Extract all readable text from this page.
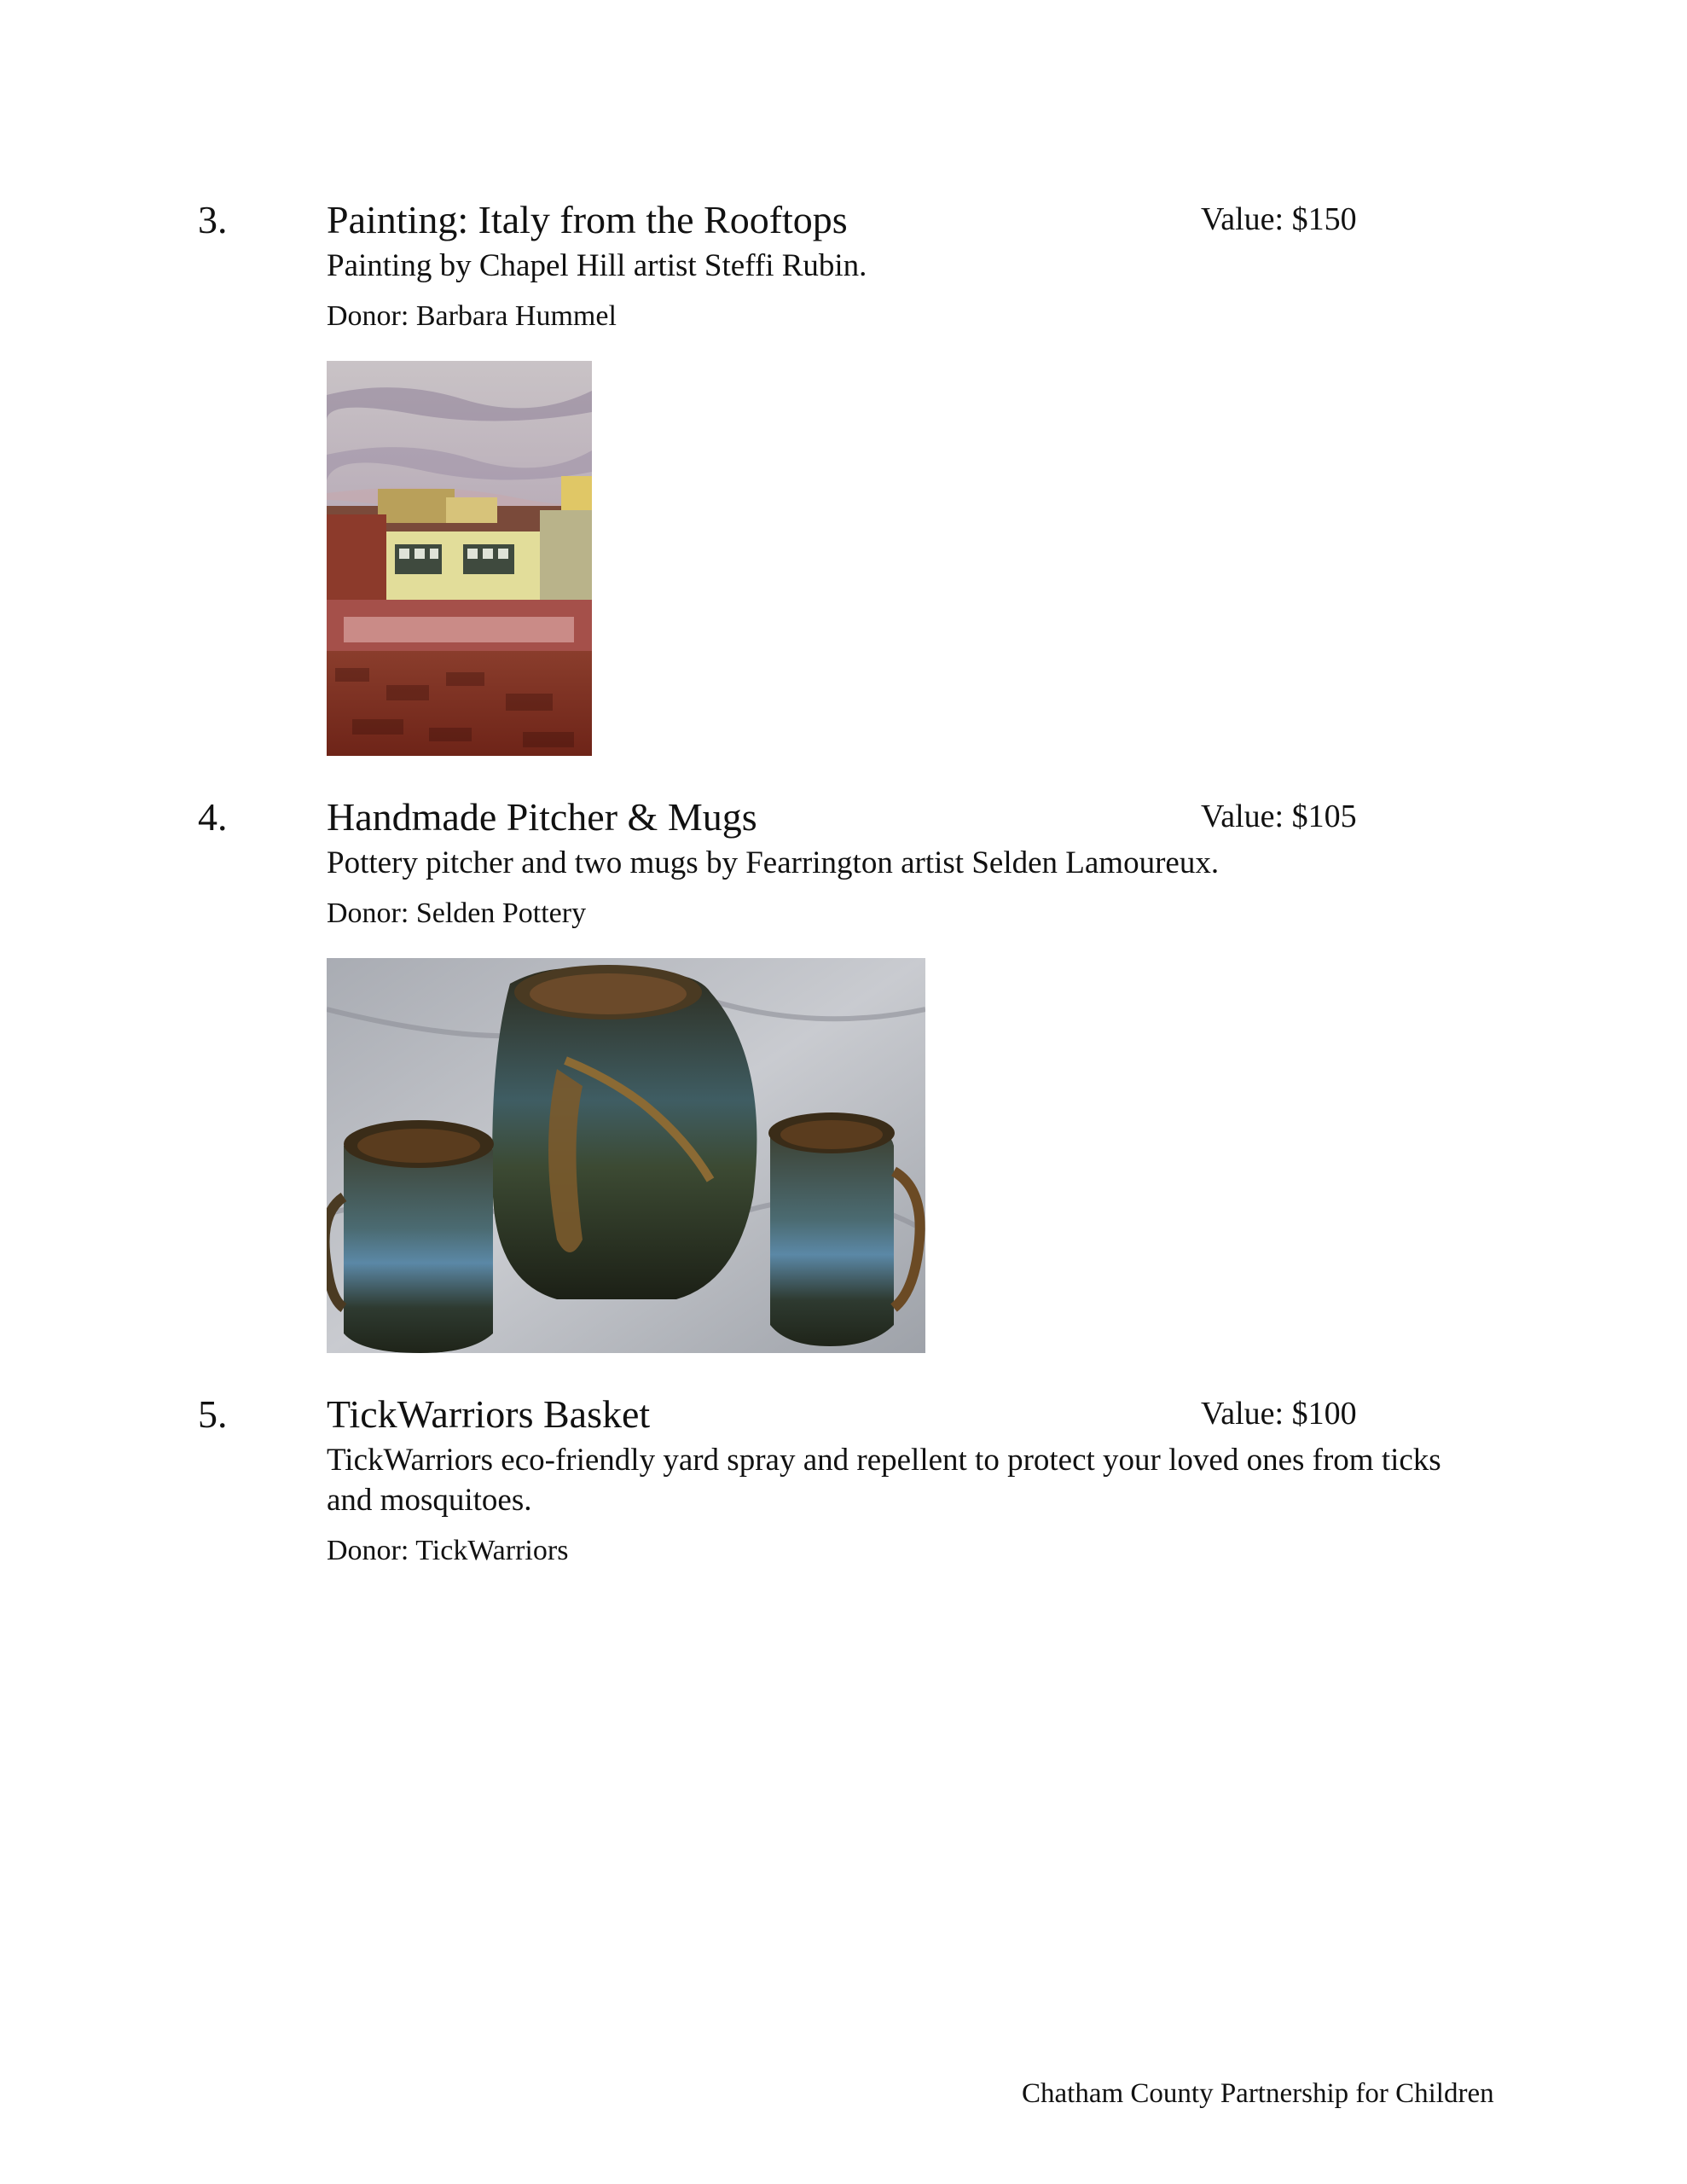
3.	Painting: Italy from the Rooftops	Value: $150
Painting by Chapel Hill artist Steffi Rubin.
Donor: Barbara Hummel
4.	Handmade Pitcher & Mugs	Value: $105
Pottery pitcher and two mugs by Fearrington artist Selden Lamoureux.
Donor: Selden Pottery
5.	TickWarriors Basket	Value: $100
TickWarriors eco-friendly yard spray and repellent to protect your loved ones from ticks and mosquitoes.
Donor: TickWarriors
Chatham County Partnership for Children
